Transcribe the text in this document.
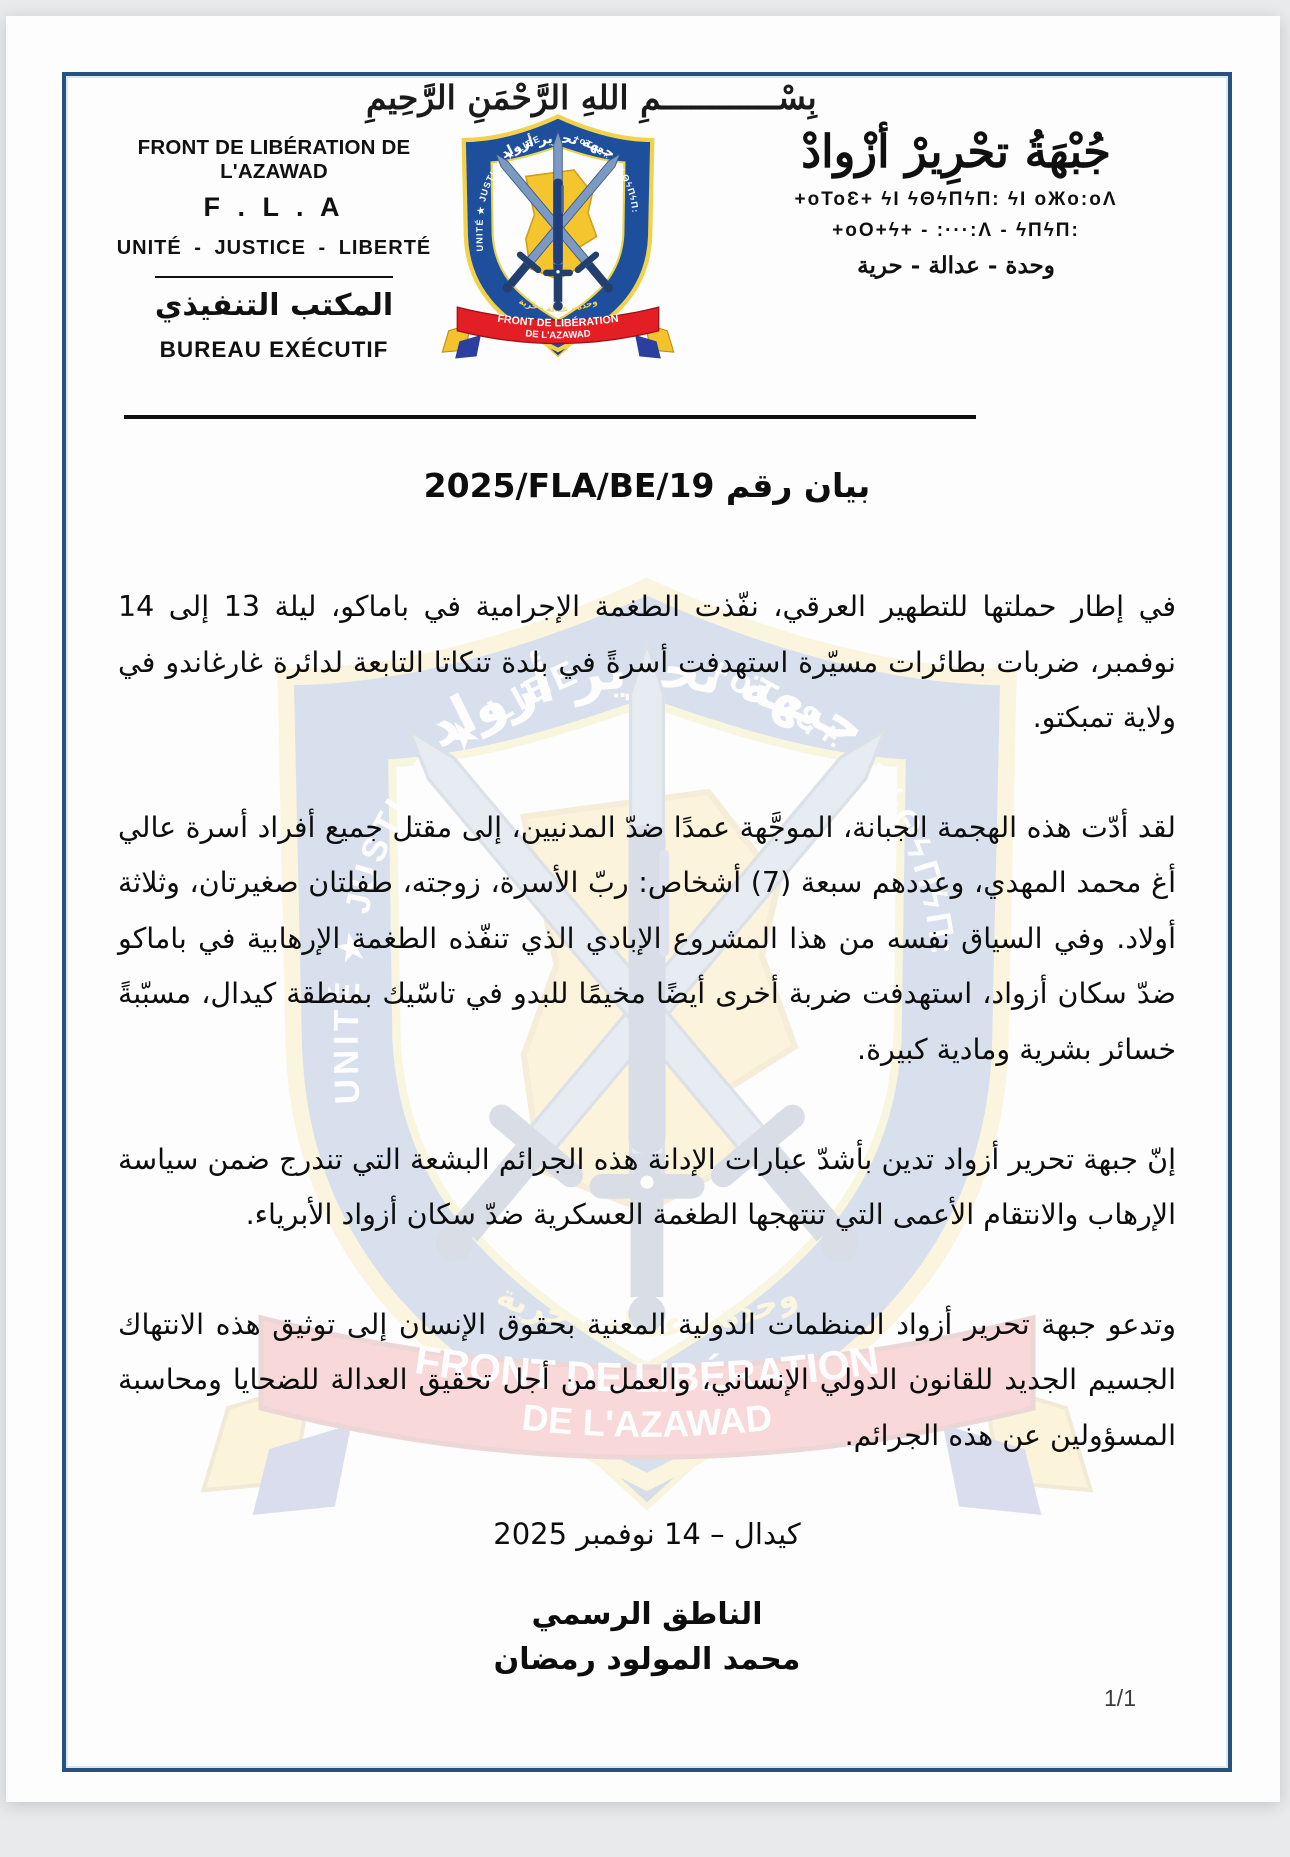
بِسْــــــــــــمِ اللهِ الرَّحْمَنِ الرَّحِيمِ
FRONT DE LIBÉRATION DE L'AZAWAD
F . L . A
UNITÉ - JUSTICE - LIBERTÉ
المكتب التنفيذي
BUREAU EXÉCUTIF
جُبْهَةُ تحْرِيرْ أزْوادْ
+oToƐ+ ϟI ϟΘϟΠϟΠ: ϟI oЖo:oΛ
+oO+ϟ+ - :···:Λ - ϟΠϟΠ:
وحدة - عدالة - حرية
بيان رقم 2025/FLA/BE/19

في إطار حملتها للتطهير العرقي، نفّذت الطغمة الإجرامية في باماكو، ليلة 13 إلى 14 نوفمبر، ضربات بطائرات مسيّرة استهدفت أسرةً في بلدة تنكاتا التابعة لدائرة غارغاندو في ولاية تمبكتو.

لقد أدّت هذه الهجمة الجبانة، الموجَّهة عمدًا ضدّ المدنيين، إلى مقتل جميع أفراد أسرة عالي أغ محمد المهدي، وعددهم سبعة (7) أشخاص: ربّ الأسرة، زوجته، طفلتان صغيرتان، وثلاثة أولاد. وفي السياق نفسه من هذا المشروع الإبادي الذي تنفّذه الطغمة الإرهابية في باماكو ضدّ سكان أزواد، استهدفت ضربة أخرى أيضًا مخيمًا للبدو في تاسّيك بمنطقة كيدال، مسبّبةً خسائر بشرية ومادية كبيرة.

إنّ جبهة تحرير أزواد تدين بأشدّ عبارات الإدانة هذه الجرائم البشعة التي تندرج ضمن سياسة الإرهاب والانتقام الأعمى التي تنتهجها الطغمة العسكرية ضدّ سكان أزواد الأبرياء.

وتدعو جبهة تحرير أزواد المنظمات الدولية المعنية بحقوق الإنسان إلى توثيق هذه الانتهاك الجسيم الجديد للقانون الدولي الإنساني، والعمل من أجل تحقيق العدالة للضحايا ومحاسبة المسؤولين عن هذه الجرائم.

كيدال – 14 نوفمبر 2025
الناطق الرسمي
محمد المولود رمضان
1/1
